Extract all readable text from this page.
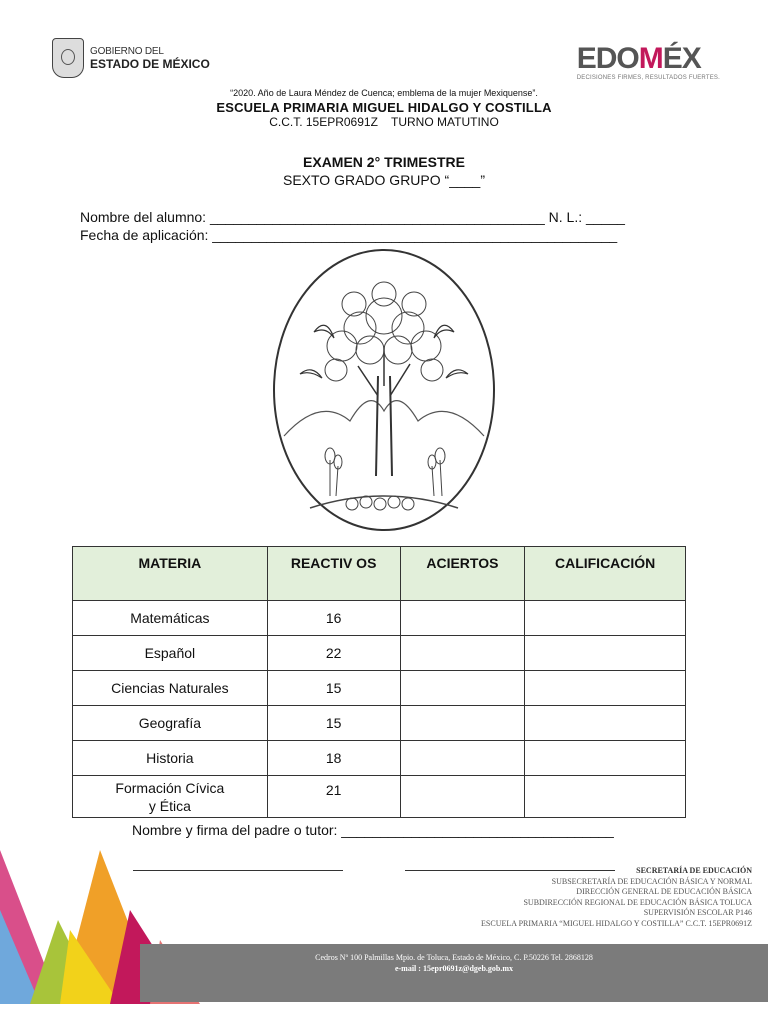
GOBIERNO DEL
ESTADO DE MÉXICO	EDOMÉX
DECISIONES FIRMES, RESULTADOS FUERTES.
“2020. Año de Laura Méndez de Cuenca; emblema de la mujer Mexiquense”.
ESCUELA PRIMARIA MIGUEL HIDALGO Y COSTILLA
C.C.T. 15EPR0691Z    TURNO MATUTINO
EXAMEN 2° TRIMESTRE
SEXTO GRADO GRUPO “____”
Nombre del alumno: ___________________________________________ N. L.: _____
Fecha de aplicación: ____________________________________________________
MATERIA	REACTIV OS	ACIERTOS	CALIFICACIÓN
Matemáticas	16		
Español	22		
Ciencias Naturales	15		
Geografía	15		
Historia	18		
Formación Cívica y Ética	21		
Nombre y firma del padre o tutor: ___________________________________
Cedros Nº 100 Palmillas Mpio. de Toluca, Estado de México, C. P.50226 Tel. 2868128
e-mail : 15epr0691z@dgeb.gob.mx
SECRETARÍA DE EDUCACIÓN
SUBSECRETARÍA DE EDUCACIÓN BÁSICA Y NORMAL
DIRECCIÓN GENERAL DE EDUCACIÓN BÁSICA
SUBDIRECCIÓN REGIONAL DE EDUCACIÓN BÁSICA TOLUCA
SUPERVISIÓN ESCOLAR P146
ESCUELA PRIMARIA “MIGUEL HIDALGO Y COSTILLA” C.C.T. 15EPR0691Z
